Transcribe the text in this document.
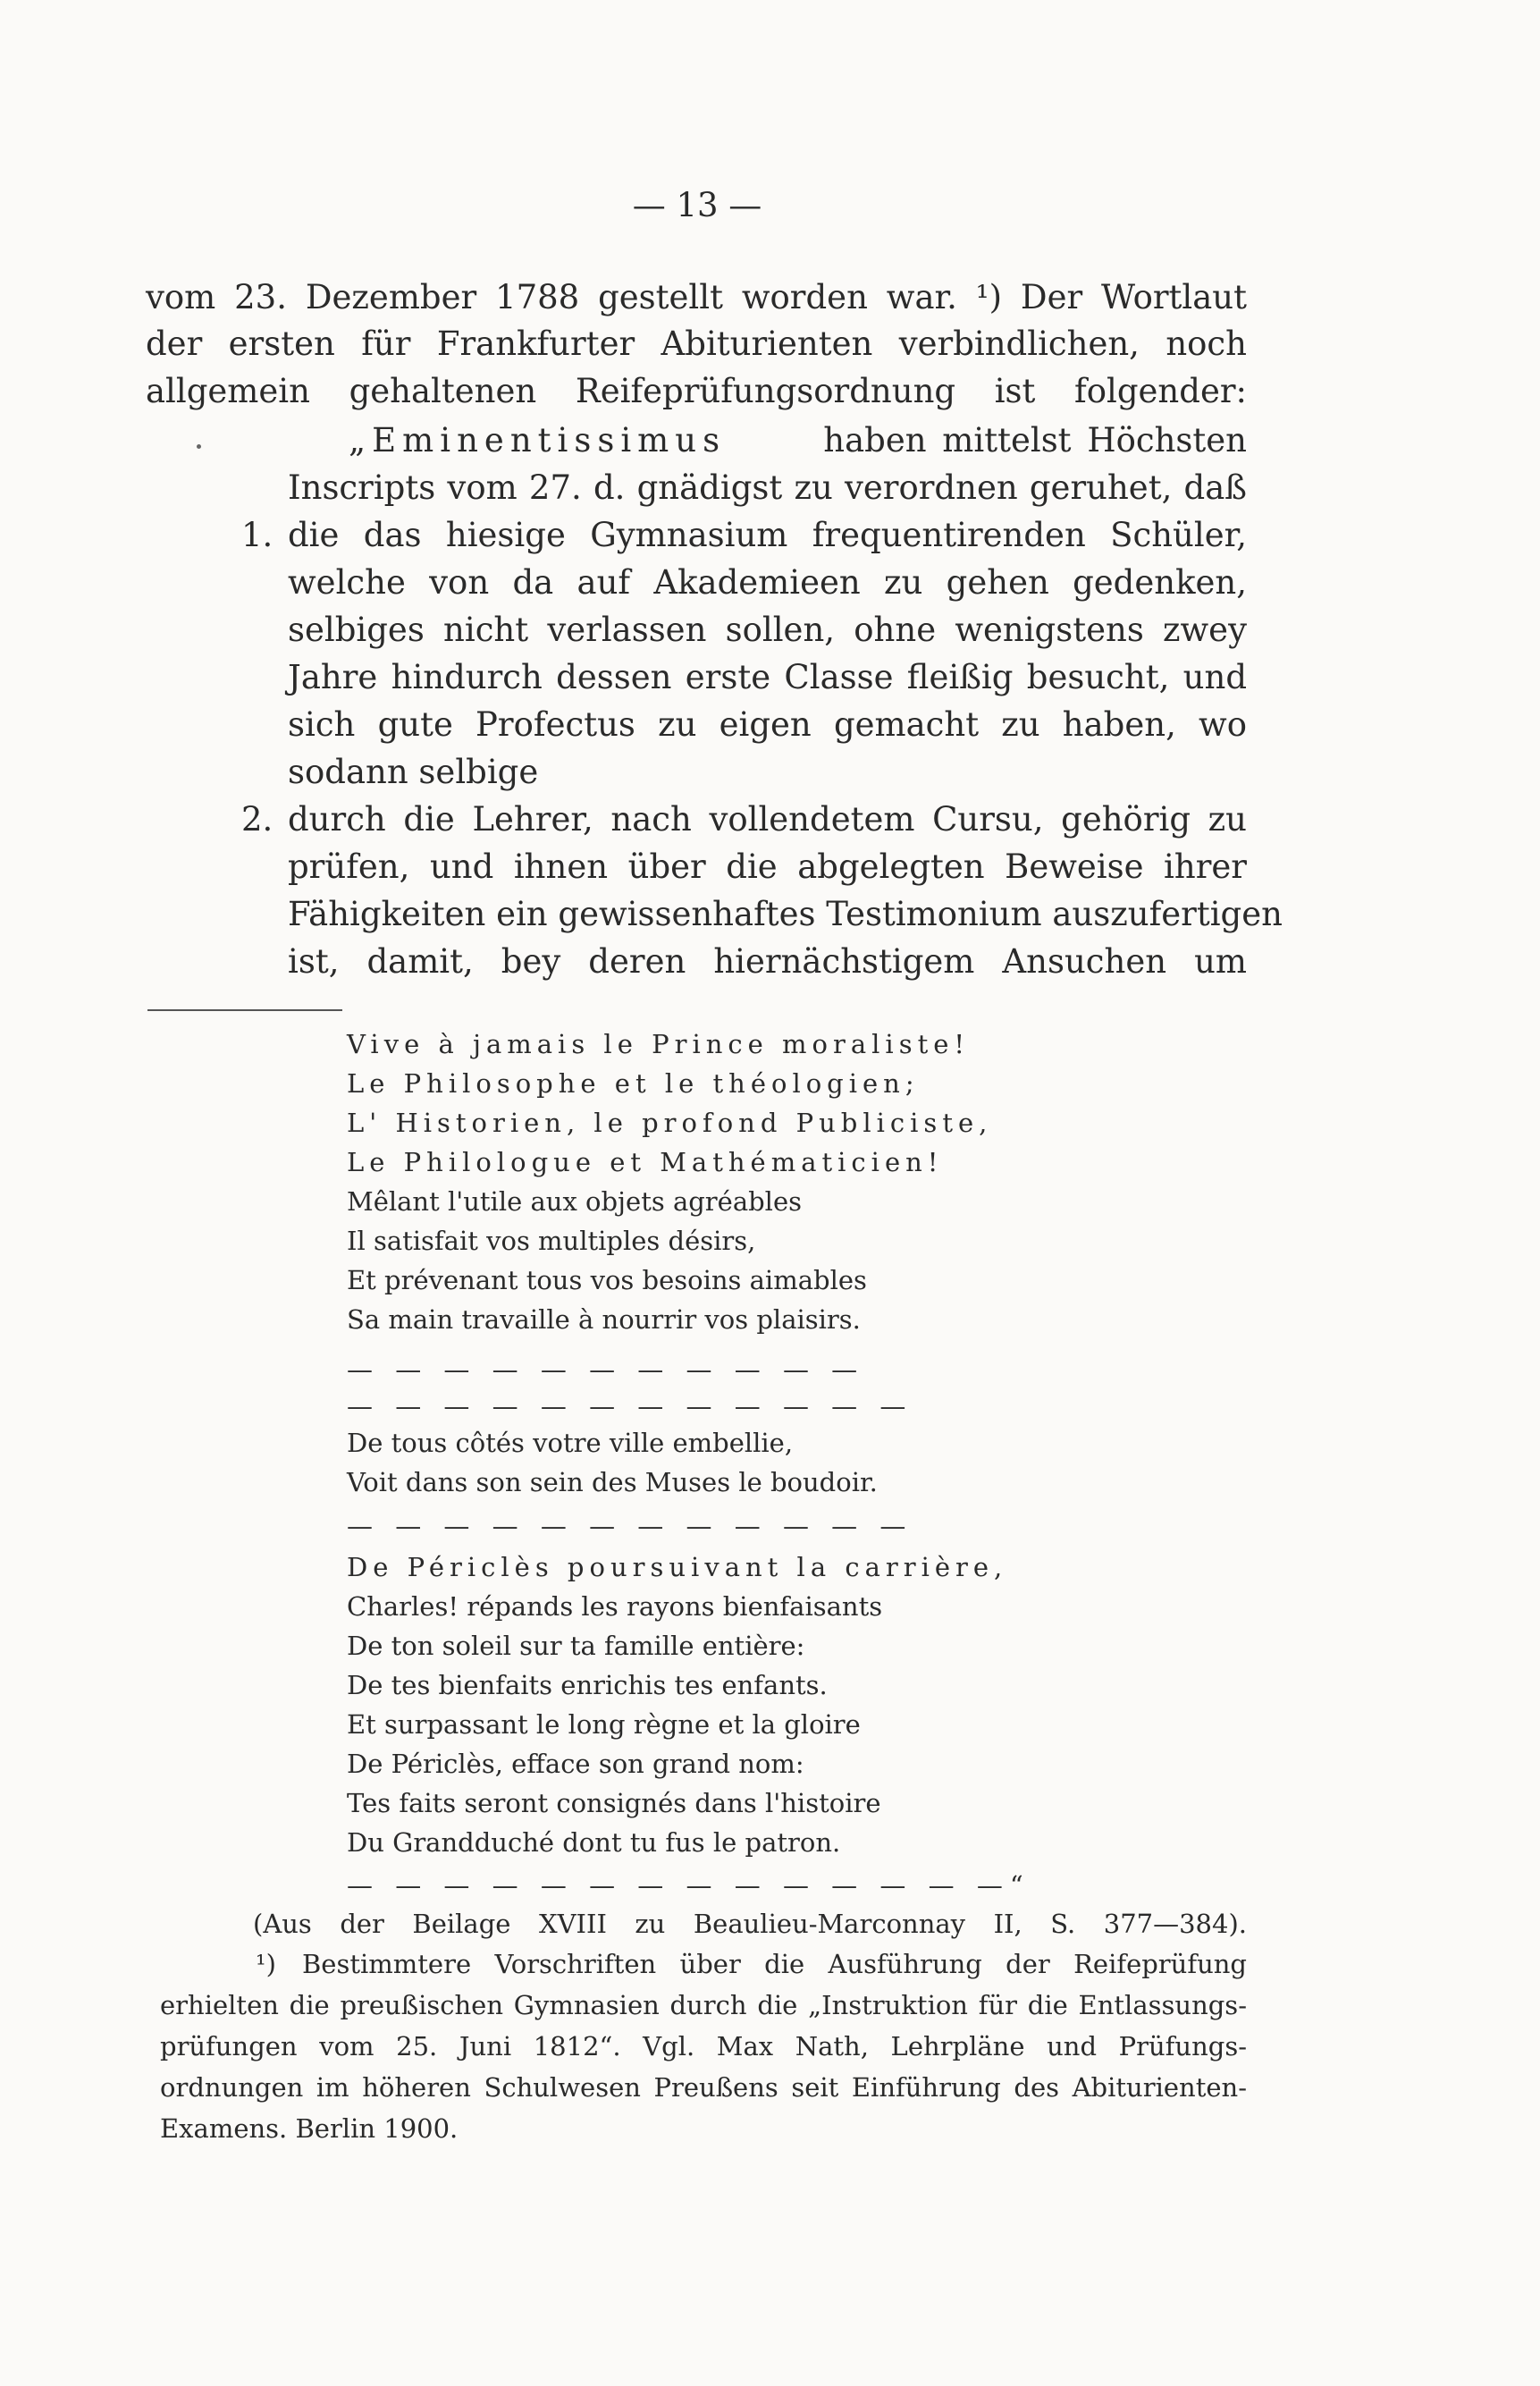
— 13 —
vom 23. Dezember 1788 gestellt worden war. ¹) Der Wortlaut
der ersten für Frankfurter Abiturienten verbindlichen, noch
allgemein gehaltenen Reifeprüfungsordnung ist folgender:
„Eminentissimus	haben mittelst Höchsten
Inscripts vom 27. d. gnädigst zu verordnen geruhet, daß
1. die das hiesige Gymnasium frequentirenden Schüler,
welche von da auf Akademieen zu gehen gedenken,
selbiges nicht verlassen sollen, ohne wenigstens zwey
Jahre hindurch dessen erste Classe fleißig besucht, und
sich gute Profectus zu eigen gemacht zu haben, wo
sodann selbige
2. durch die Lehrer, nach vollendetem Cursu, gehörig zu
prüfen, und ihnen über die abgelegten Beweise ihrer
Fähigkeiten ein gewissenhaftes Testimonium auszufertigen
ist, damit, bey deren hiernächstigem Ansuchen um
Vive à jamais le Prince moraliste!
Le Philosophe et le théologien;
L' Historien, le profond Publiciste,
Le Philologue et Mathématicien!
Mêlant l'utile aux objets agréables
Il satisfait vos multiples désirs,
Et prévenant tous vos besoins aimables
Sa main travaille à nourrir vos plaisirs.
— — — — — — — — — — —
— — — — — — — — — — — —
De tous côtés votre ville embellie,
Voit dans son sein des Muses le boudoir.
— — — — — — — — — — — —
De Périclès poursuivant la carrière,
Charles! répands les rayons bienfaisants
De ton soleil sur ta famille entière:
De tes bienfaits enrichis tes enfants.
Et surpassant le long règne et la gloire
De Périclès, efface son grand nom:
Tes faits seront consignés dans l'histoire
Du Grandduché dont tu fus le patron.
— — — — — — — — — — — — — —“
(Aus der Beilage XVIII zu Beaulieu-Marconnay II, S. 377—384).
¹) Bestimmtere Vorschriften über die Ausführung der Reifeprüfung
erhielten die preußischen Gymnasien durch die „Instruktion für die Entlassungs-
prüfungen vom 25. Juni 1812“. Vgl. Max Nath, Lehrpläne und Prüfungs-
ordnungen im höheren Schulwesen Preußens seit Einführung des Abiturienten-
Examens. Berlin 1900.
